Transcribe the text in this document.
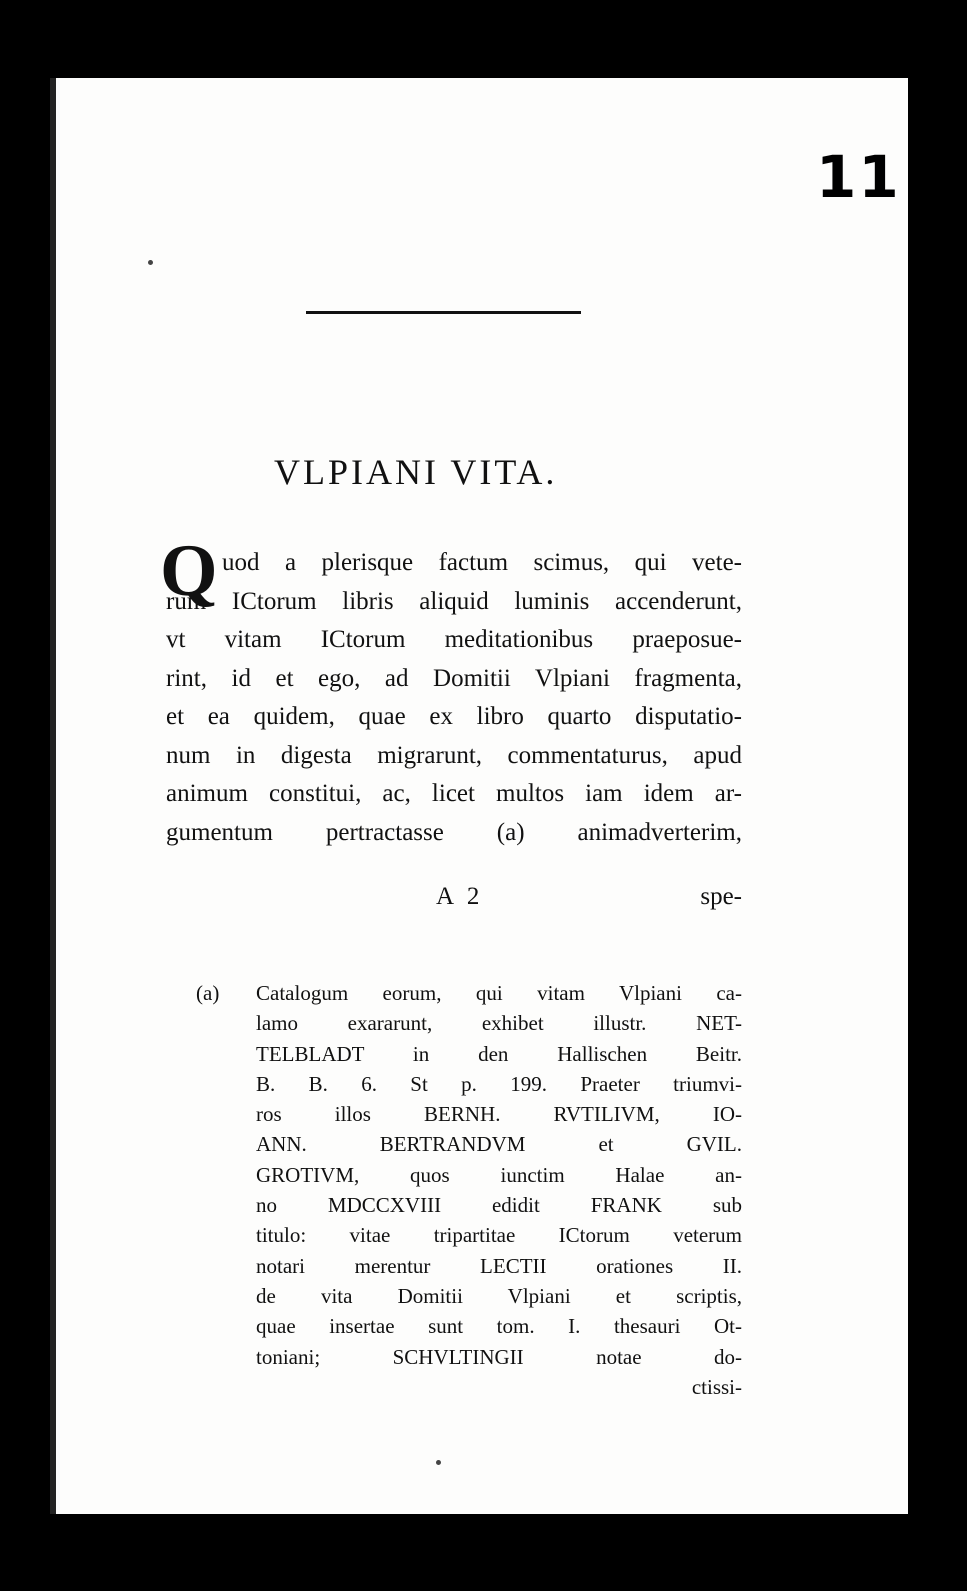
11
VLPIANI VITA.
Q uod a plerisque factum scimus, qui vete-
rum ICtorum libris aliquid luminis accenderunt,
vt vitam ICtorum meditationibus praeposue-
rint, id et ego, ad Domitii Vlpiani fragmenta,
et ea quidem, quae ex libro quarto disputatio-
num in digesta migrarunt, commentaturus, apud
animum constitui, ac, licet multos iam idem ar-
gumentum pertractasse (a) animadverterim,
A 2	spe-
(a) Catalogum eorum, qui vitam Vlpiani ca-
lamo exararunt, exhibet illustr. NET-
TELBLADT in den Hallischen Beitr.
B. B. 6. St p. 199. Praeter triumvi-
ros illos BERNH. RVTILIVM, IO-
ANN. BERTRANDVM et GVIL.
GROTIVM, quos iunctim Halae an-
no MDCCXVIII edidit FRANK sub
titulo: vitae tripartitae ICtorum veterum
notari merentur LECTII orationes II.
de vita Domitii Vlpiani et scriptis,
quae insertae sunt tom. I. thesauri Ot-
toniani; SCHVLTINGII notae do-
ctissi-
